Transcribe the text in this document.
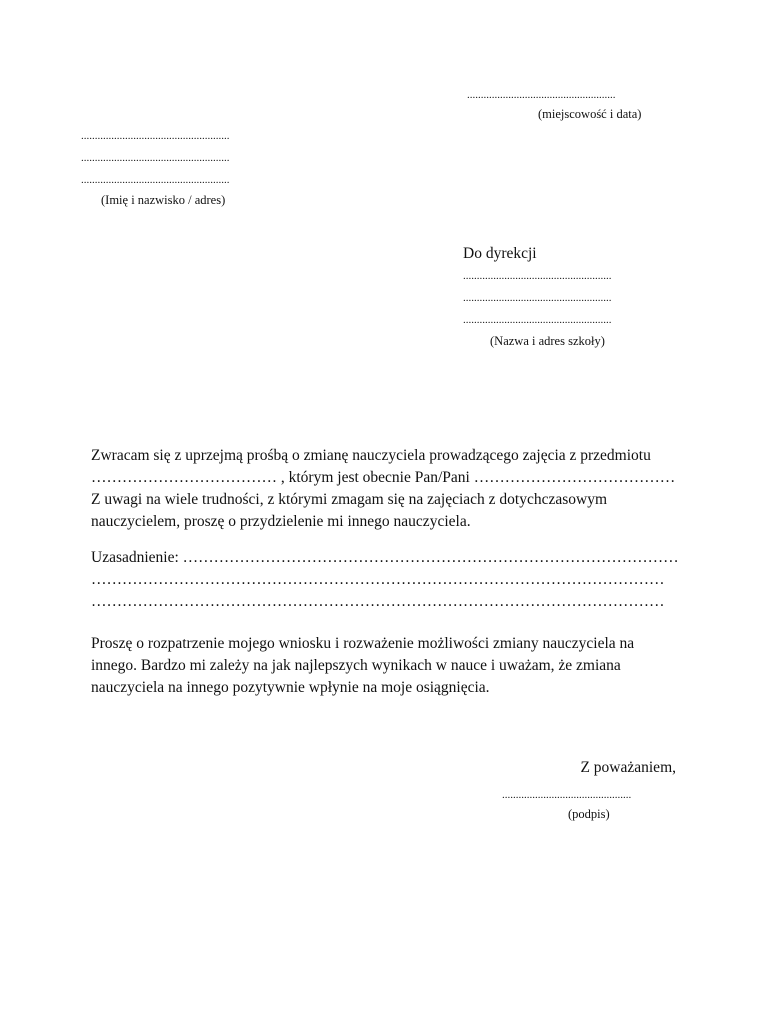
......................................................
(miejscowość i data)
......................................................
......................................................
......................................................
(Imię i nazwisko / adres)
Do dyrekcji
......................................................
......................................................
......................................................
(Nazwa i adres szkoły)
Zwracam się z uprzejmą prośbą o zmianę nauczyciela prowadzącego zajęcia z przedmiotu
……………………………… , którym jest obecnie Pan/Pani …………………………………
Z uwagi na wiele trudności, z którymi zmagam się na zajęciach z dotychczasowym
nauczycielem, proszę o przydzielenie mi innego nauczyciela.
Uzasadnienie: ……………………………………………………………………………………
…………………………………………………………………………………………………
…………………………………………………………………………………………………
Proszę o rozpatrzenie mojego wniosku i rozważenie możliwości zmiany nauczyciela na
innego. Bardzo mi zależy na jak najlepszych wynikach w nauce i uważam, że zmiana
nauczyciela na innego pozytywnie wpłynie na moje osiągnięcia.
Z poważaniem,
...............................................
(podpis)
